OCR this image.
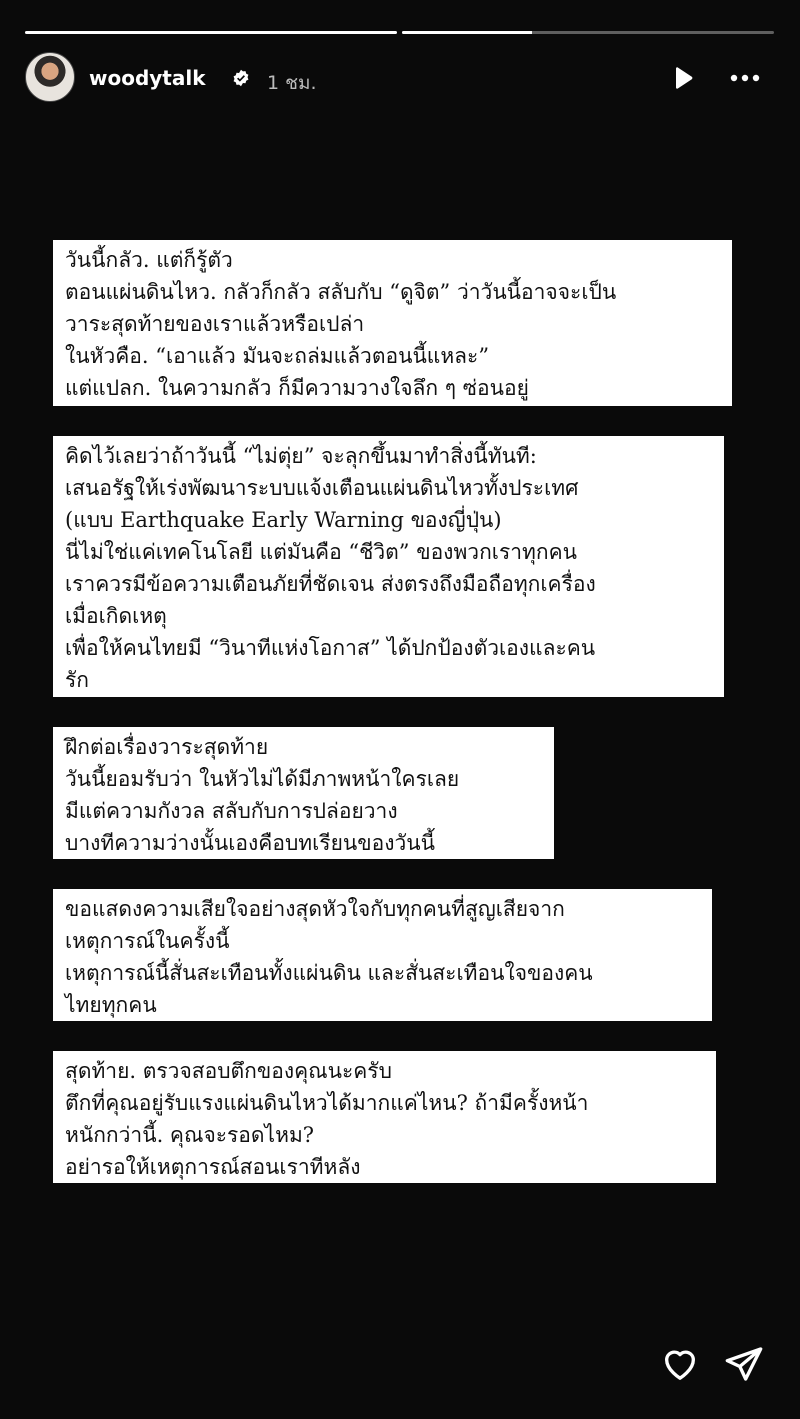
woodytalk	1 ชม.
วันนี้กลัว. แต่ก็รู้ตัว
ตอนแผ่นดินไหว. กลัวก็กลัว สลับกับ “ดูจิต” ว่าวันนี้อาจจะเป็น
วาระสุดท้ายของเราแล้วหรือเปล่า
ในหัวคือ. “เอาแล้ว มันจะถล่มแล้วตอนนี้แหละ”
แต่แปลก. ในความกลัว ก็มีความวางใจลึก ๆ ซ่อนอยู่
คิดไว้เลยว่าถ้าวันนี้ “ไม่ตุ่ย” จะลุกขึ้นมาทำสิ่งนี้ทันที:
เสนอรัฐให้เร่งพัฒนาระบบแจ้งเตือนแผ่นดินไหวทั้งประเทศ
(แบบ Earthquake Early Warning ของญี่ปุ่น)
นี่ไม่ใช่แค่เทคโนโลยี แต่มันคือ “ชีวิต” ของพวกเราทุกคน
เราควรมีข้อความเตือนภัยที่ชัดเจน ส่งตรงถึงมือถือทุกเครื่อง
เมื่อเกิดเหตุ
เพื่อให้คนไทยมี “วินาทีแห่งโอกาส” ได้ปกป้องตัวเองและคน
รัก
ฝึกต่อเรื่องวาระสุดท้าย
วันนี้ยอมรับว่า ในหัวไม่ได้มีภาพหน้าใครเลย
มีแต่ความกังวล สลับกับการปล่อยวาง
บางทีความว่างนั้นเองคือบทเรียนของวันนี้
ขอแสดงความเสียใจอย่างสุดหัวใจกับทุกคนที่สูญเสียจาก
เหตุการณ์ในครั้งนี้
เหตุการณ์นี้สั่นสะเทือนทั้งแผ่นดิน และสั่นสะเทือนใจของคน
ไทยทุกคน
สุดท้าย. ตรวจสอบตึกของคุณนะครับ
ตึกที่คุณอยู่รับแรงแผ่นดินไหวได้มากแค่ไหน? ถ้ามีครั้งหน้า
หนักกว่านี้. คุณจะรอดไหม?
อย่ารอให้เหตุการณ์สอนเราทีหลัง
